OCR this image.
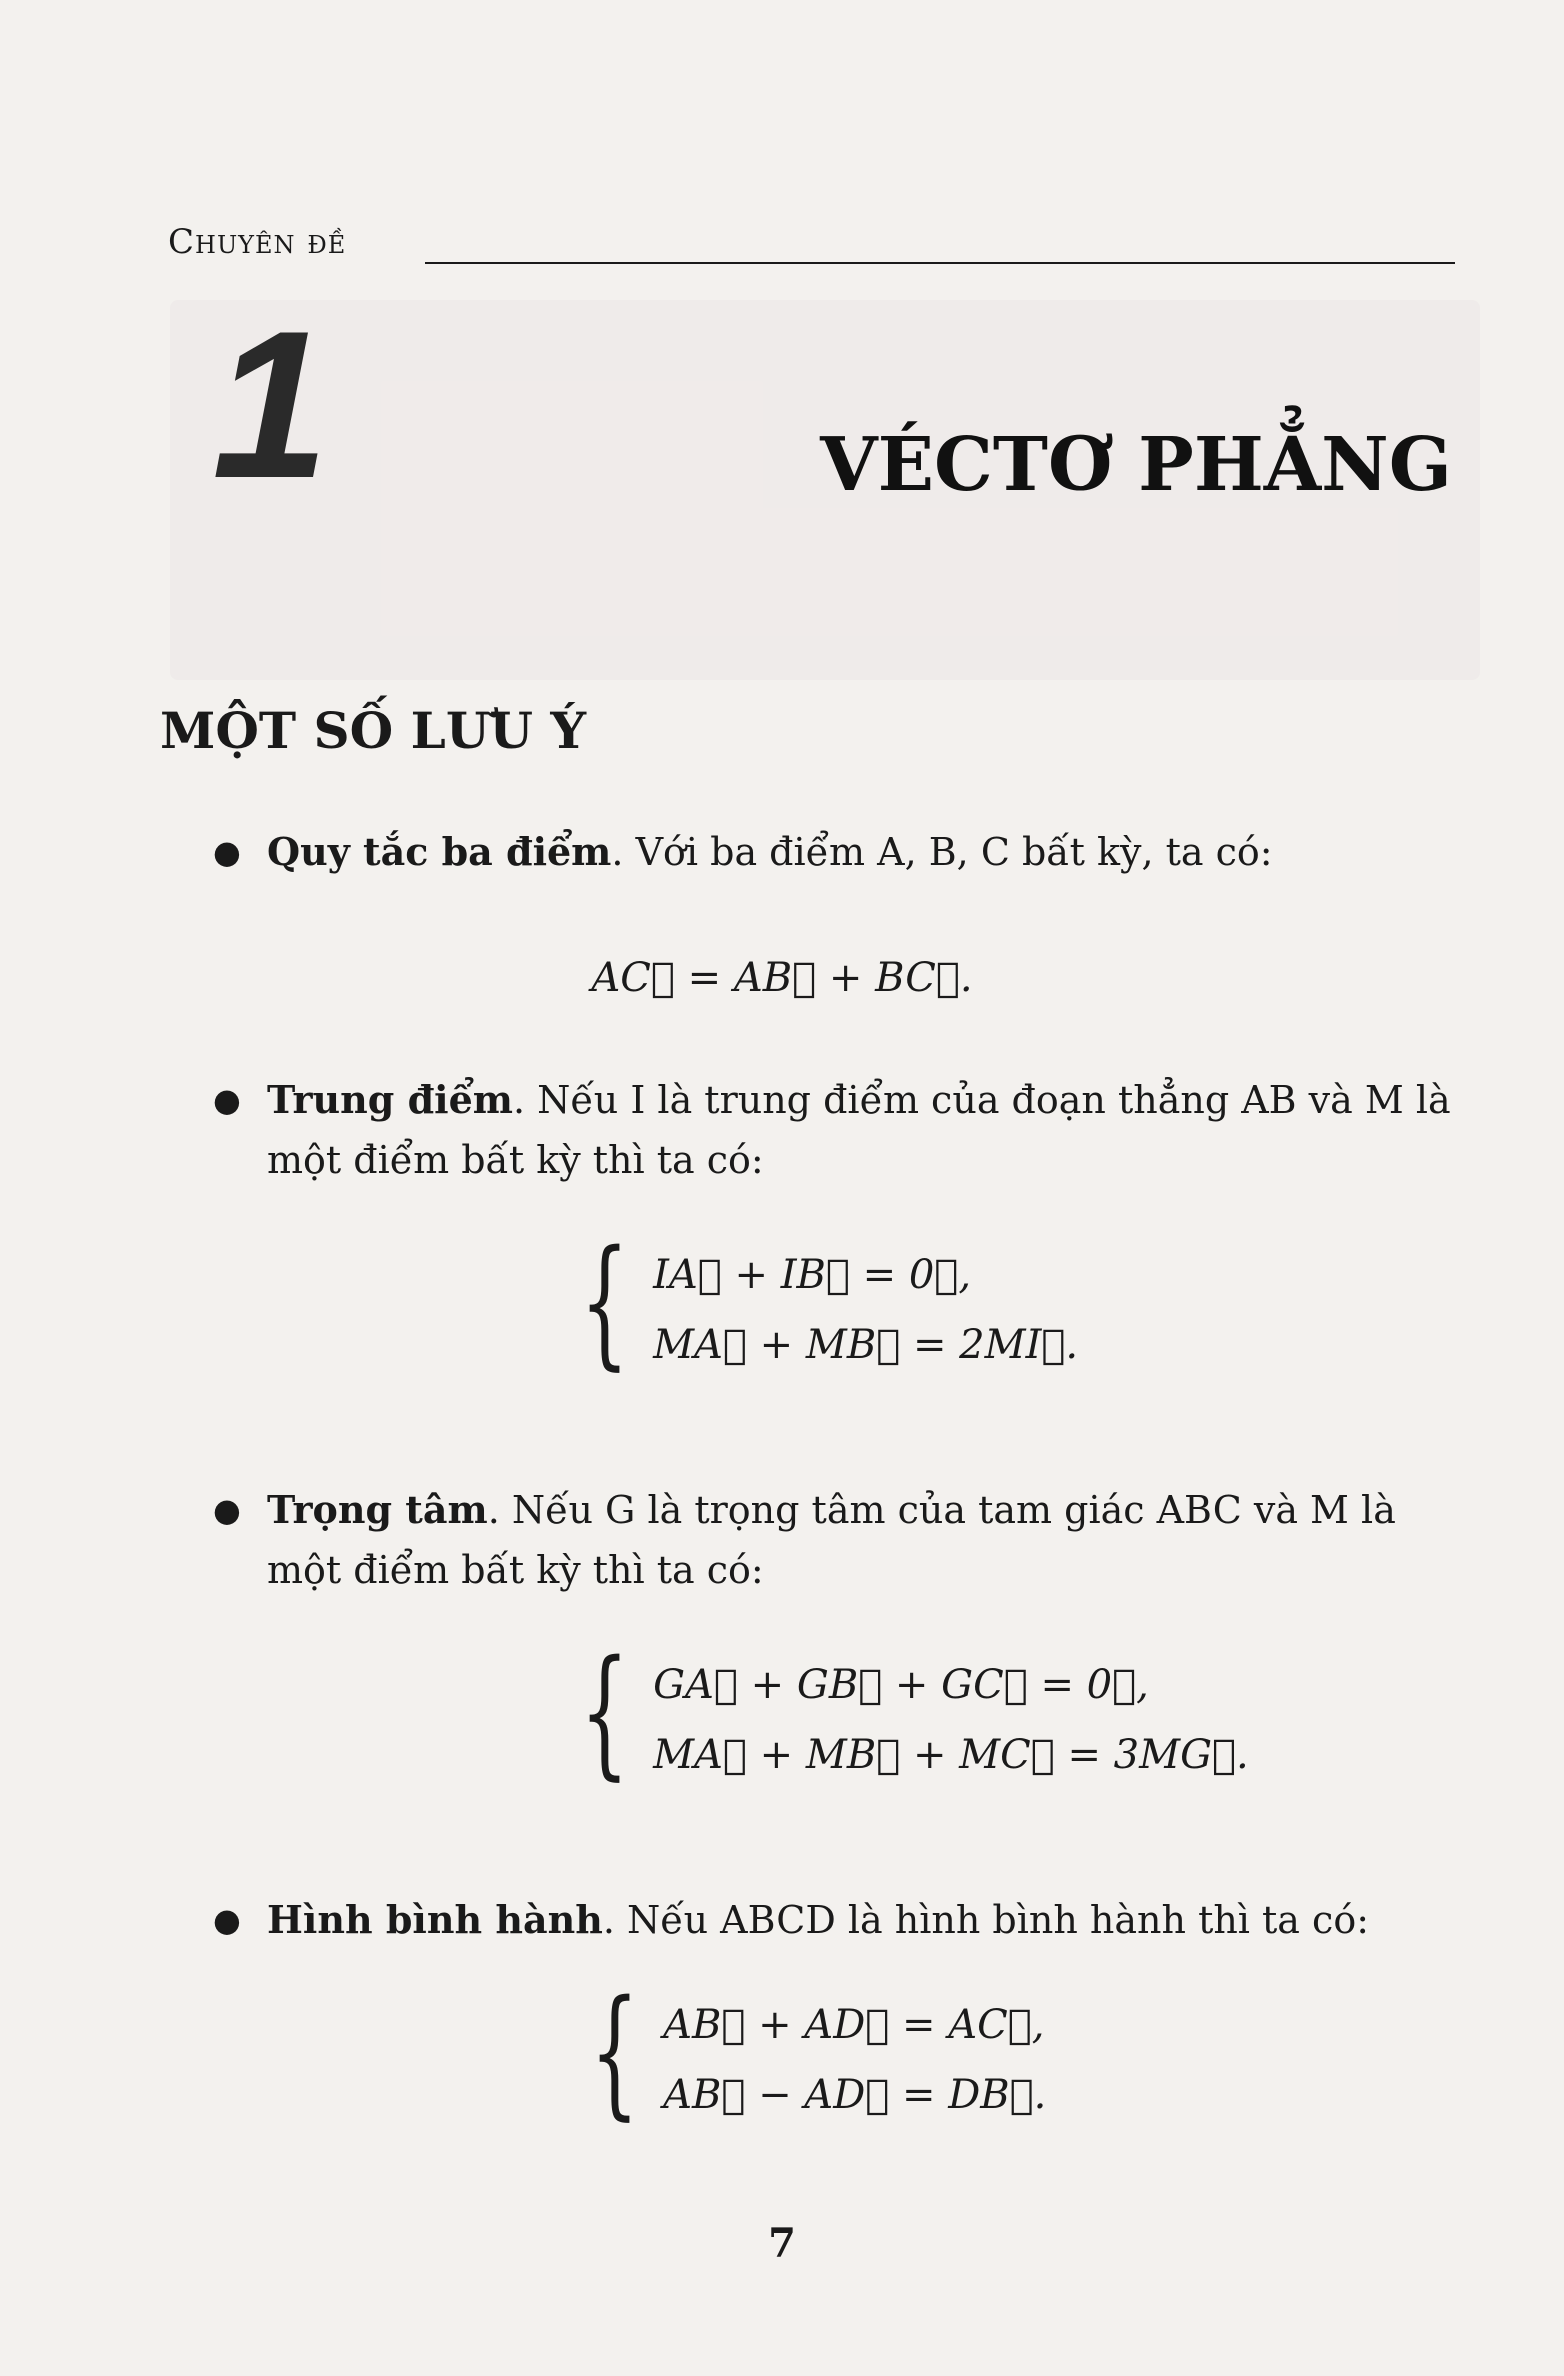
Chuyên đề
1	VÉCTƠ PHẲNG
MỘT SỐ LƯU Ý
● Quy tắc ba điểm. Với ba điểm A, B, C bất kỳ, ta có:

AC⃗ = AB⃗ + BC⃗.
● Trung điểm. Nếu I là trung điểm của đoạn thẳng AB và M là một điểm bất kỳ thì ta có:

{ IA⃗ + IB⃗ = 0⃗,
MA⃗ + MB⃗ = 2MI⃗.
● Trọng tâm. Nếu G là trọng tâm của tam giác ABC và M là một điểm bất kỳ thì ta có:

{ GA⃗ + GB⃗ + GC⃗ = 0⃗,
MA⃗ + MB⃗ + MC⃗ = 3MG⃗.
● Hình bình hành. Nếu ABCD là hình bình hành thì ta có:

{ AB⃗ + AD⃗ = AC⃗,
AB⃗ − AD⃗ = DB⃗.
7
